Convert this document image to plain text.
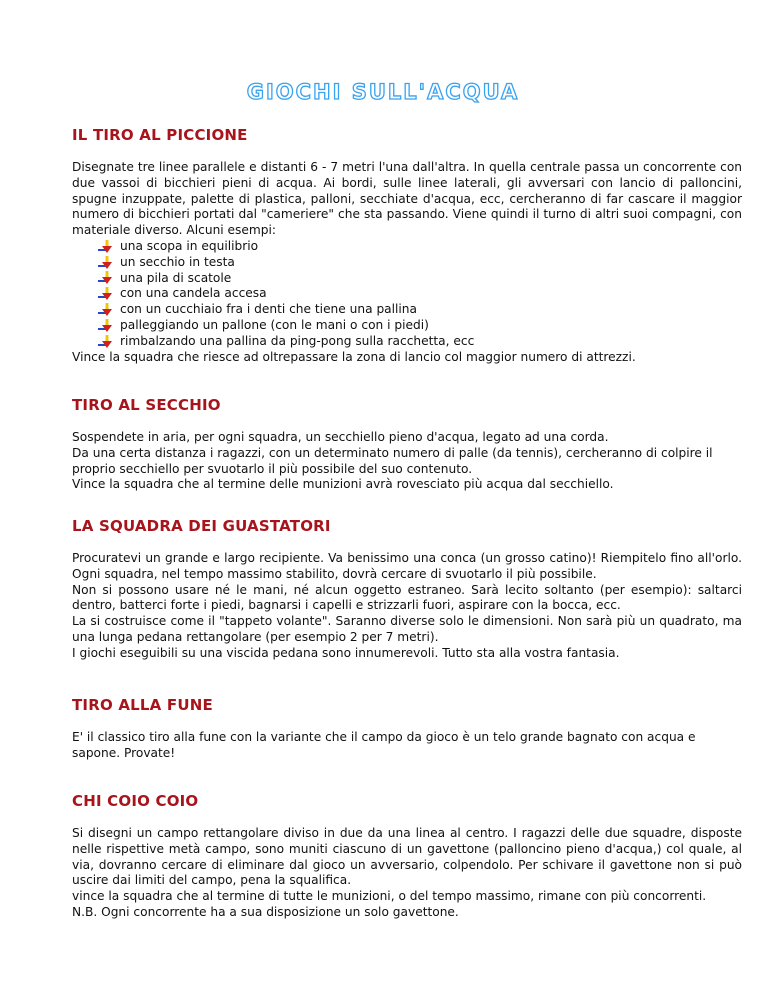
GIOCHI SULL'ACQUA
IL TIRO AL PICCIONE

Disegnate tre linee parallele e distanti 6 - 7 metri l'una dall'altra. In quella centrale passa un concorrente con due vassoi di bicchieri pieni di acqua. Ai bordi, sulle linee laterali, gli avversari con lancio di palloncini, spugne inzuppate, palette di plastica, palloni, secchiate d'acqua, ecc, cercheranno di far cascare il maggior numero di bicchieri portati dal "cameriere" che sta passando. Viene quindi il turno di altri suoi compagni, con materiale diverso. Alcuni esempi:

una scopa in equilibrio
un secchio in testa
una pila di scatole
con una candela accesa
con un cucchiaio fra i denti che tiene una pallina
palleggiando un pallone (con le mani o con i piedi)
rimbalzando una pallina da ping-pong sulla racchetta, ecc

Vince la squadra che riesce ad oltrepassare la zona di lancio col maggior numero di attrezzi.

TIRO AL SECCHIO

Sospendete in aria, per ogni squadra, un secchiello pieno d'acqua, legato ad una corda.

Da una certa distanza i ragazzi, con un determinato numero di palle (da tennis), cercheranno di colpire il proprio secchiello per svuotarlo il più possibile del suo contenuto.

Vince la squadra che al termine delle munizioni avrà rovesciato più acqua dal secchiello.

LA SQUADRA DEI GUASTATORI

Procuratevi un grande e largo recipiente. Va benissimo una conca (un grosso catino)! Riempitelo fino all'orlo. Ogni squadra, nel tempo massimo stabilito, dovrà cercare di svuotarlo il più possibile.

Non si possono usare né le mani, né alcun oggetto estraneo. Sarà lecito soltanto (per esempio): saltarci dentro, batterci forte i piedi, bagnarsi i capelli e strizzarli fuori, aspirare con la bocca, ecc.

La si costruisce come il "tappeto volante". Saranno diverse solo le dimensioni. Non sarà più un quadrato, ma una lunga pedana rettangolare (per esempio 2 per 7 metri).

I giochi eseguibili su una viscida pedana sono innumerevoli. Tutto sta alla vostra fantasia.

TIRO ALLA FUNE

E' il classico tiro alla fune con la variante che il campo da gioco è un telo grande bagnato con acqua e sapone. Provate!

CHI COIO COIO

Si disegni un campo rettangolare diviso in due da una linea al centro. I ragazzi delle due squadre, disposte nelle rispettive metà campo, sono muniti ciascuno di un gavettone (palloncino pieno d'acqua,) col quale, al via, dovranno cercare di eliminare dal gioco un avversario, colpendolo. Per schivare il gavettone non si può uscire dai limiti del campo, pena la squalifica.

vince la squadra che al termine di tutte le munizioni, o del tempo massimo, rimane con più concorrenti.

N.B. Ogni concorrente ha a sua disposizione un solo gavettone.
